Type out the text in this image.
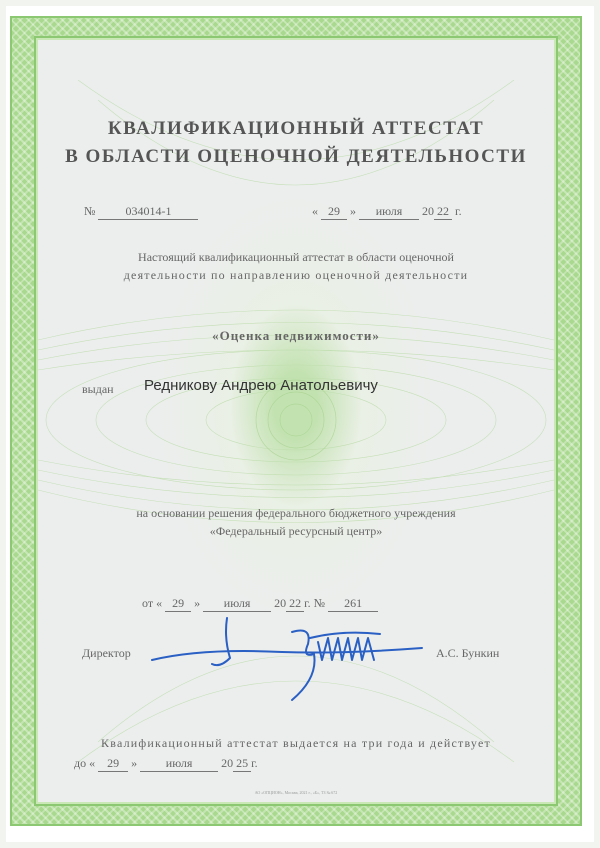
КВАЛИФИКАЦИОННЫЙ АТТЕСТАТ
В ОБЛАСТИ ОЦЕНОЧНОЙ ДЕЯТЕЛЬНОСТИ
№	034014-1	« 29 » июля 20 22 г.
Настоящий квалификационный аттестат в области оценочной
деятельности по направлению оценочной деятельности
«Оценка недвижимости»
выдан Редникову Андрею Анатольевичу
на основании решения федерального бюджетного учреждения
«Федеральный ресурсный центр»
от « 29 » июля 20 22 г. № 261
Директор	А.С. Бункин
Квалификационный аттестат выдается на три года и действует
до « 29 » июля 20 25 г.
АО «ОПЦИОН», Москва, 2021 г., «Б», ТЗ № 672
